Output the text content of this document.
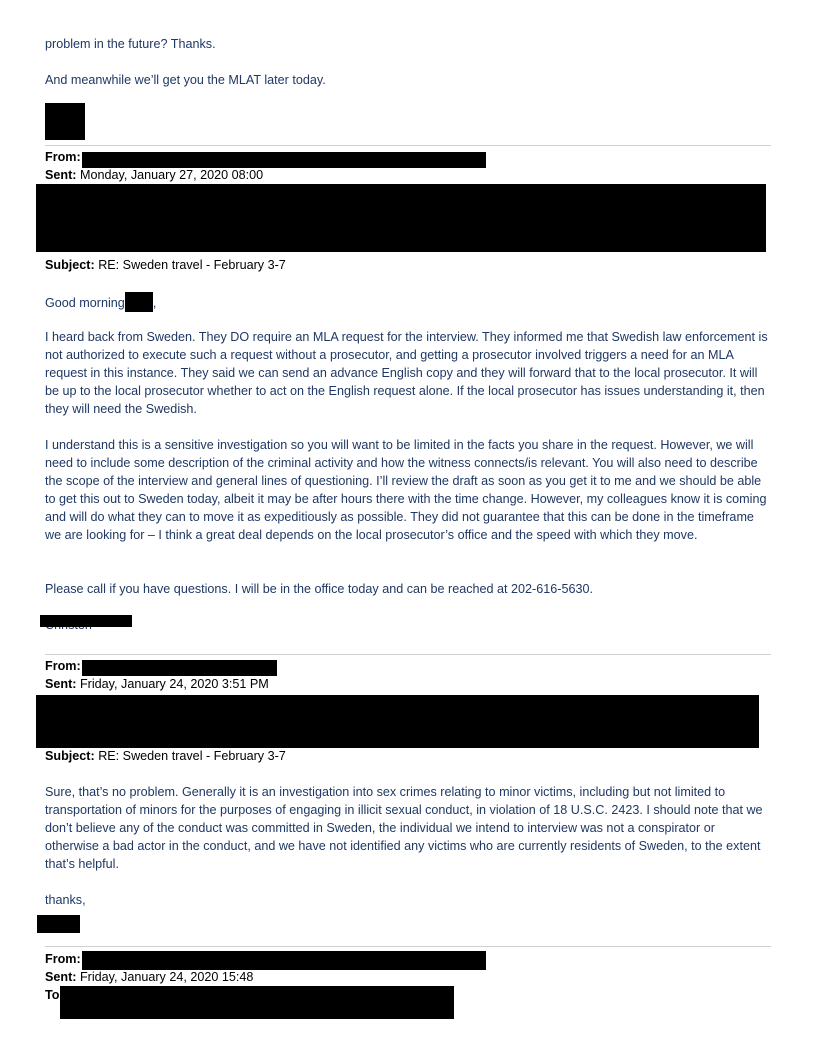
problem in the future? Thanks.
And meanwhile we’ll get you the MLAT later today.
From:
Sent: Monday, January 27, 2020 08:00
Subject: RE: Sweden travel - February 3-7
Good morning ,
I heard back from Sweden. They DO require an MLA request for the interview. They informed me that Swedish law enforcement is not authorized to execute such a request without a prosecutor, and getting a prosecutor involved triggers a need for an MLA request in this instance. They said we can send an advance English copy and they will forward that to the local prosecutor. It will be up to the local prosecutor whether to act on the English request alone. If the local prosecutor has issues understanding it, then they will need the Swedish.
I understand this is a sensitive investigation so you will want to be limited in the facts you share in the request. However, we will need to include some description of the criminal activity and how the witness connects/is relevant. You will also need to describe the scope of the interview and general lines of questioning. I’ll review the draft as soon as you get it to me and we should be able to get this out to Sweden today, albeit it may be after hours there with the time change. However, my colleagues know it is coming and will do what they can to move it as expeditiously as possible. They did not guarantee that this can be done in the timeframe we are looking for – I think a great deal depends on the local prosecutor’s office and the speed with which they move.
Please call if you have questions. I will be in the office today and can be reached at 202-616-5630.
From:
Sent: Friday, January 24, 2020 3:51 PM
Subject: RE: Sweden travel - February 3-7
Sure, that’s no problem. Generally it is an investigation into sex crimes relating to minor victims, including but not limited to transportation of minors for the purposes of engaging in illicit sexual conduct, in violation of 18 U.S.C. 2423. I should note that we don’t believe any of the conduct was committed in Sweden, the individual we intend to interview was not a conspirator or otherwise a bad actor in the conduct, and we have not identified any victims who are currently residents of Sweden, to the extent that’s helpful.
thanks,
From:
Sent: Friday, January 24, 2020 15:48
To
